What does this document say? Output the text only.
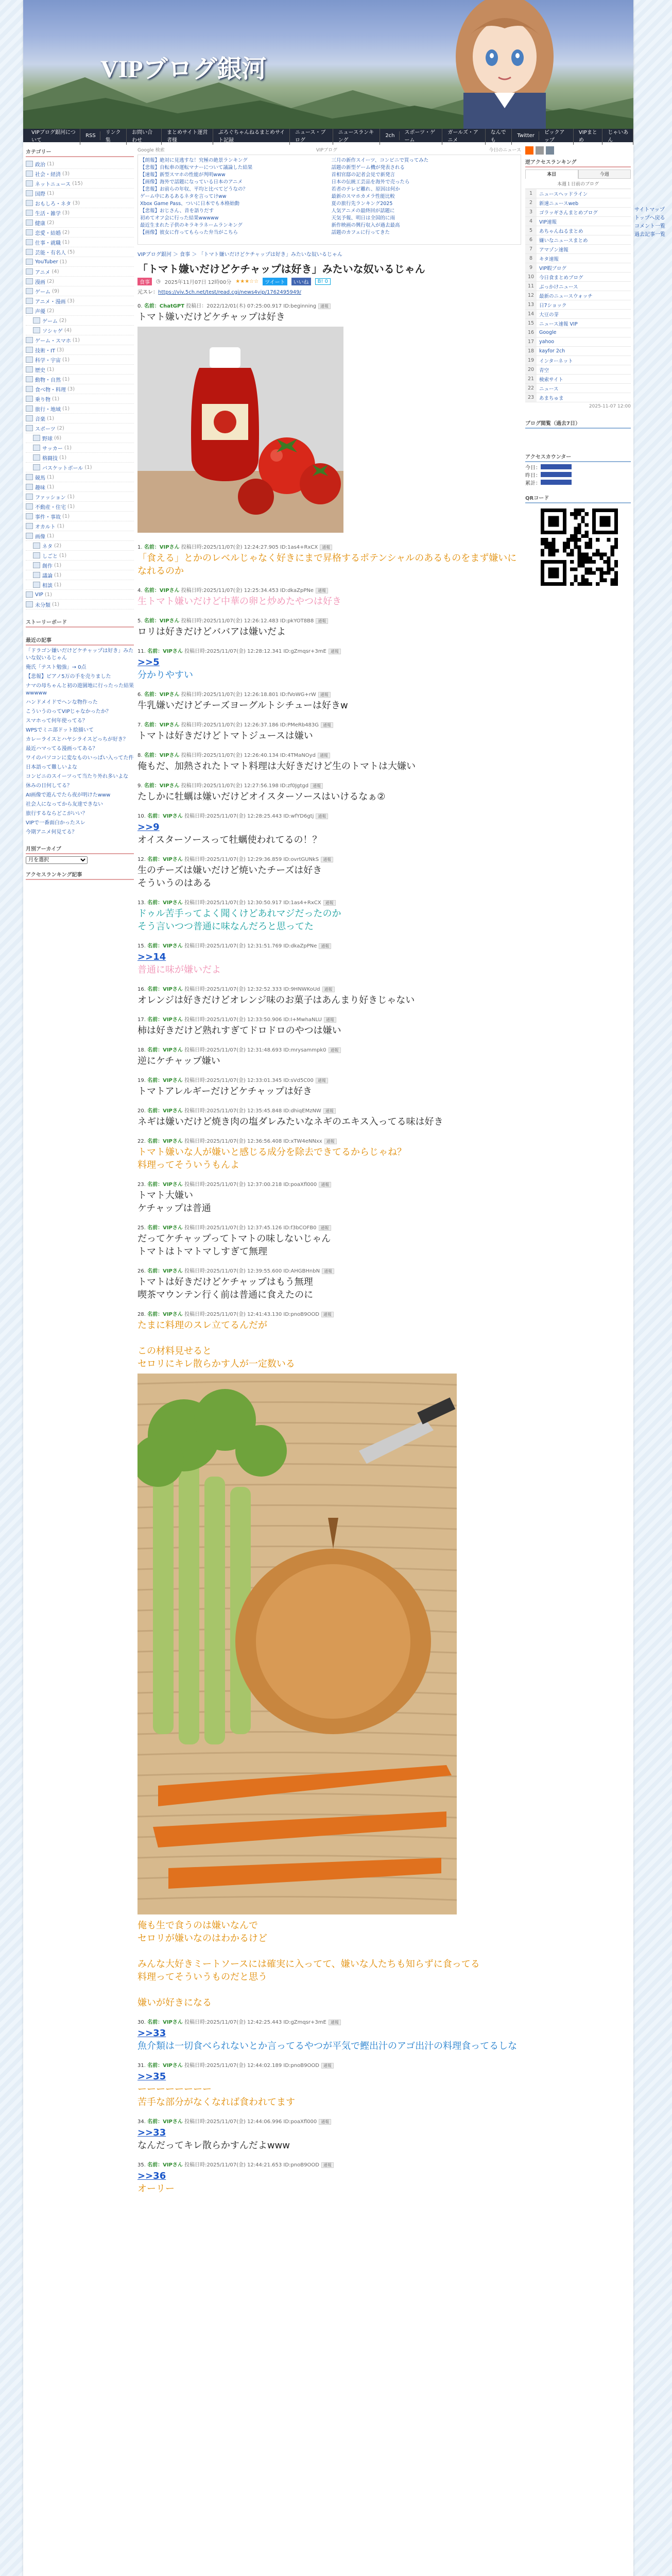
VIPブログ銀河
VIPブログ銀河について
RSS	リンク集
お問い合わせ
まとめサイト運営者様
ぶろぐちゃんねるまとめサイト記録
ニュース・ブログ
ニュースランキング
2ch	スポーツ・ゲーム
ガールズ・アニメ
なんでも
Twitter	ピックアップ
VIPまとめ
じゃいあん
カテゴリー
政治 (1)
社会・経済 (3)
ネットニュース (15)
国際 (1)
おもしろ・ネタ (3)
生活・雑学 (3)
健康 (2)
恋愛・結婚 (2)
仕事・就職 (1)
芸能・有名人 (5)
YouTuber (1)
アニメ (4)
漫画 (2)
ゲーム (9)
アニメ・漫画 (3)
声優 (2)
ゲーム (2)
ソシャゲ (4)
ゲーム・スマホ (1)
技術・IT (3)
科学・宇宙 (1)
歴史 (1)
動物・自然 (1)
食べ物・料理 (3)
乗り物 (1)
旅行・地域 (1)
音楽 (1)
スポーツ (2)
野球 (6)
サッカー (1)
格闘技 (1)
バスケットボール (1)
競馬 (1)
趣味 (1)
ファッション (1)
不動産・住宅 (1)
事件・事故 (1)
オカルト (1)
画像 (1)
ネタ (2)
しごと (1)
創作 (1)
議論 (1)
相談 (1)
VIP (1)
未分類 (1)
ストーリーボード
最近の記事
「ドラゴン嫌いだけどケチャップは好き」みたいな奴いるじゃん
俺氏「テスト勉強」→ 0点
【悲報】ピアノ5万の手を売りました
ナマの母ちゃんと初の遊園地に行ったった結果wwwww
ハンドメイドでヘンな物作った
こういうのってVIPじゃなかったか？
スマホって何年使ってる？
WPSでミニ部ドット絵描いて
カレーライスとハヤシライスどっちが好き？
最近ハマってる漫画ってある？
ワイのパソコンに変なものいっぱい入ってた件
日本語って難しいよな
コンビニのスイーツって当たり外れ多いよな
休みの日何してる？
AI画像で遊んでたら夜が明けたwww
社会人になってから友達できない
旅行するならどこがいい？
VIPで一番面白かったスレ
今期アニメ何見てる？
月別アーカイブ
月を選択
アクセスランキング記事
Google 検索	VIPブログ	今日のニュース
【朗報】絶対に見逃すな！究極の絶景ランキング
【悲報】自転車の運転マナーについて議論した結果
【速報】新型スマホの性能が判明www
【画像】海外で話題になっている日本のアニメ
【悲報】お前らの年収、平均と比べてどうなの？
ゲーム中にあるあるネタを言ってけww
Xbox Game Pass、ついに日本でも本格始動
【悲報】おじさん、昔を語りだす
初めてオフ会に行った結果wwwww
最近生まれた子供のキラキラネームランキング
【画像】彼女に作ってもらった弁当がこちら
三月の新作スイーツ、コンビニで買ってみた
話題の新型ゲーム機が発表される
首相官邸の記者会見で新発言
日本の伝統工芸品を海外で売ったら
若者のテレビ離れ、原因は何か
最新のスマホカメラ性能比較
夏の旅行先ランキング2025
人気アニメの最終回が話題に
天気予報、明日は全国的に雨
新作映画の興行収入が過去最高
話題のカフェに行ってきた
VIPブログ銀河 ＞ 食事 ＞ 「トマト嫌いだけどケチャップは好き」みたいな奴いるじゃん
「トマト嫌いだけどケチャップは好き」みたいな奴いるじゃん
食事	◷ 2025年11月07日 12時00分 ★★★☆☆	ツイート	いいね	B! 0
元スレ：https://viv.5ch.net/test/read.cgi/news4vip/1762495949/
0. 名前：ChatGPT 投稿日：2022/12/01(木) 07:25:00.917 ID:beginning 通報
トマト嫌いだけどケチャップは好き
1. 名前：VIPさん 投稿日時:2025/11/07(金) 12:24:27.905 ID:1as4+RxCX 通報
「食える」とかのレベルじゃなく好きにまで昇格するポテンシャルのあるものをまず嫌いになれるのか
4. 名前：VIPさん 投稿日時:2025/11/07(金) 12:25:34.453 ID:dkaZpPNe 通報
生トマト嫌いだけど中華の卵と炒めたやつは好き
5. 名前：VIPさん 投稿日時:2025/11/07(金) 12:26:12.483 ID:pkYOT8B8 通報
ロリは好きだけどババアは嫌いだよ
11. 名前：VIPさん 投稿日時:2025/11/07(金) 12:28:12.341 ID:gZmqsr+3mE 通報
>>5
分かりやすい
6. 名前：VIPさん 投稿日時:2025/11/07(金) 12:26:18.801 ID:fVoWG+rW 通報
牛乳嫌いだけどチーズヨーグルトシチューは好きw
7. 名前：VIPさん 投稿日時:2025/11/07(金) 12:26:37.186 ID:PMeRb483G 通報
トマトは好きだけどトマトジュースは嫌い
8. 名前：VIPさん 投稿日時:2025/11/07(金) 12:26:40.134 ID:4TMaNOyd 通報
俺もだ、加熱されたトマト料理は大好きだけど生のトマトは大嫌い
9. 名前：VIPさん 投稿日時:2025/11/07(金) 12:27:56.198 ID:zf0Jgtgd 通報
たしかに牡蠣は嫌いだけどオイスターソースはいけるなぁ②
10. 名前：VIPさん 投稿日時:2025/11/07(金) 12:28:25.443 ID:wfYD6gtj 通報
>>9
オイスターソースって牡蠣使われてるの！？
12. 名前：VIPさん 投稿日時:2025/11/07(金) 12:29:36.859 ID:ovrtGUNkS 通報
生のチーズは嫌いだけど焼いたチーズは好き
そういうのはある
13. 名前：VIPさん 投稿日時:2025/11/07(金) 12:30:50.917 ID:1as4+RxCX 通報
ドゥル苦手ってよく聞くけどあれマジだったのか
そう言いつつ普通に味なんだろと思ってた
15. 名前：VIPさん 投稿日時:2025/11/07(金) 12:31:51.769 ID:dkaZpPNe 通報
>>14
普通に味が嫌いだよ
16. 名前：VIPさん 投稿日時:2025/11/07(金) 12:32:52.333 ID:9HNWKoUd 通報
オレンジは好きだけどオレンジ味のお菓子はあんまり好きじゃない
17. 名前：VIPさん 投稿日時:2025/11/07(金) 12:33:50.906 ID:I+MwhaNLU 通報
柿は好きだけど熟れすぎてドロドロのやつは嫌い
18. 名前：VIPさん 投稿日時:2025/11/07(金) 12:31:48.693 ID:mrysammpk0 通報
逆にケチャップ嫌い
19. 名前：VIPさん 投稿日時:2025/11/07(金) 12:33:01.345 ID:sVd5C00 通報
トマトアレルギーだけどケチャップは好き
20. 名前：VIPさん 投稿日時:2025/11/07(金) 12:35:45.848 ID:dhiqEMzNW 通報
ネギは嫌いだけど焼き肉の塩ダレみたいなネギのエキス入ってる味は好き
22. 名前：VIPさん 投稿日時:2025/11/07(金) 12:36:56.408 ID:xTW4eNNxx 通報
トマト嫌いな人が嫌いと感じる成分を除去できてるからじゃね？
料理ってそういうもんよ
23. 名前：VIPさん 投稿日時:2025/11/07(金) 12:37:00.218 ID:poaXfl000 通報
トマト大嫌い
ケチャップは普通
25. 名前：VIPさん 投稿日時:2025/11/07(金) 12:37:45.126 ID:f3bCOFB0 通報
だってケチャップってトマトの味しないじゃん
トマトはトマトマしすぎて無理
26. 名前：VIPさん 投稿日時:2025/11/07(金) 12:39:55.600 ID:AHGBHnbN 通報
トマトは好きだけどケチャップはもう無理
喫茶マウンテン行く前は普通に食えたのに
28. 名前：VIPさん 投稿日時:2025/11/07(金) 12:41:43.130 ID:pnoB9OOD 通報
たまに料理のスレ立てるんだが
この材料見せると
セロリにキレ散らかす人が一定数いる
俺も生で食うのは嫌いなんで
セロリが嫌いなのはわかるけど
みんな大好きミートソースには確実に入ってて、嫌いな人たちも知らずに食ってる
料理ってそういうものだと思う
嫌いが好きになる
30. 名前：VIPさん 投稿日時:2025/11/07(金) 12:42:25.443 ID:gZmqsr+3mE 通報
>>33
魚介類は一切食べられないとか言ってるやつが平気で鰹出汁のアゴ出汁の料理食ってるしな
31. 名前：VIPさん 投稿日時:2025/11/07(金) 12:44:02.189 ID:pnoB9OOD 通報
>>35
ーーーーーーーー
苦手な部分がなくなれば食われてます
34. 名前：VIPさん 投稿日時:2025/11/07(金) 12:44:06.996 ID:poaXfl000 通報
>>33
なんだってキレ散らかすんだよwww
35. 名前：VIPさん 投稿日時:2025/11/07(金) 12:44:21.653 ID:pnoB9OOD 通報
>>36
オーリー
逆アクセスランキング
本日	今週
本週１日前のブログ
1	ニュースヘッドライン
2	新速ニュースweb
3	ゴラッギさんまとめブログ
4	VIP速報
5	あちゃんねるまとめ
6	嫌いなニュースまとめ
7	アマゾン速報
8	キタ速報
9	VIP暇ブログ
10	今日食まとめブログ
11	ぶっかけニュース
12	最新のニュースウォッチ
13	日7ショック
14	大豆の芽
15	ニュース速報 VIP
16	Google
17	yahoo
18	kayfor 2ch
19	インターネット
20	青空
21	検索サイト
22	ニュース
23	あまちゅま
2025-11-07 12:00
ブログ閲覧（過去7日）
アクセスカウンター
今日：
昨日：
累計：
QRコード
サイトマップ
トップへ戻る
コメント一覧
過去記事一覧
